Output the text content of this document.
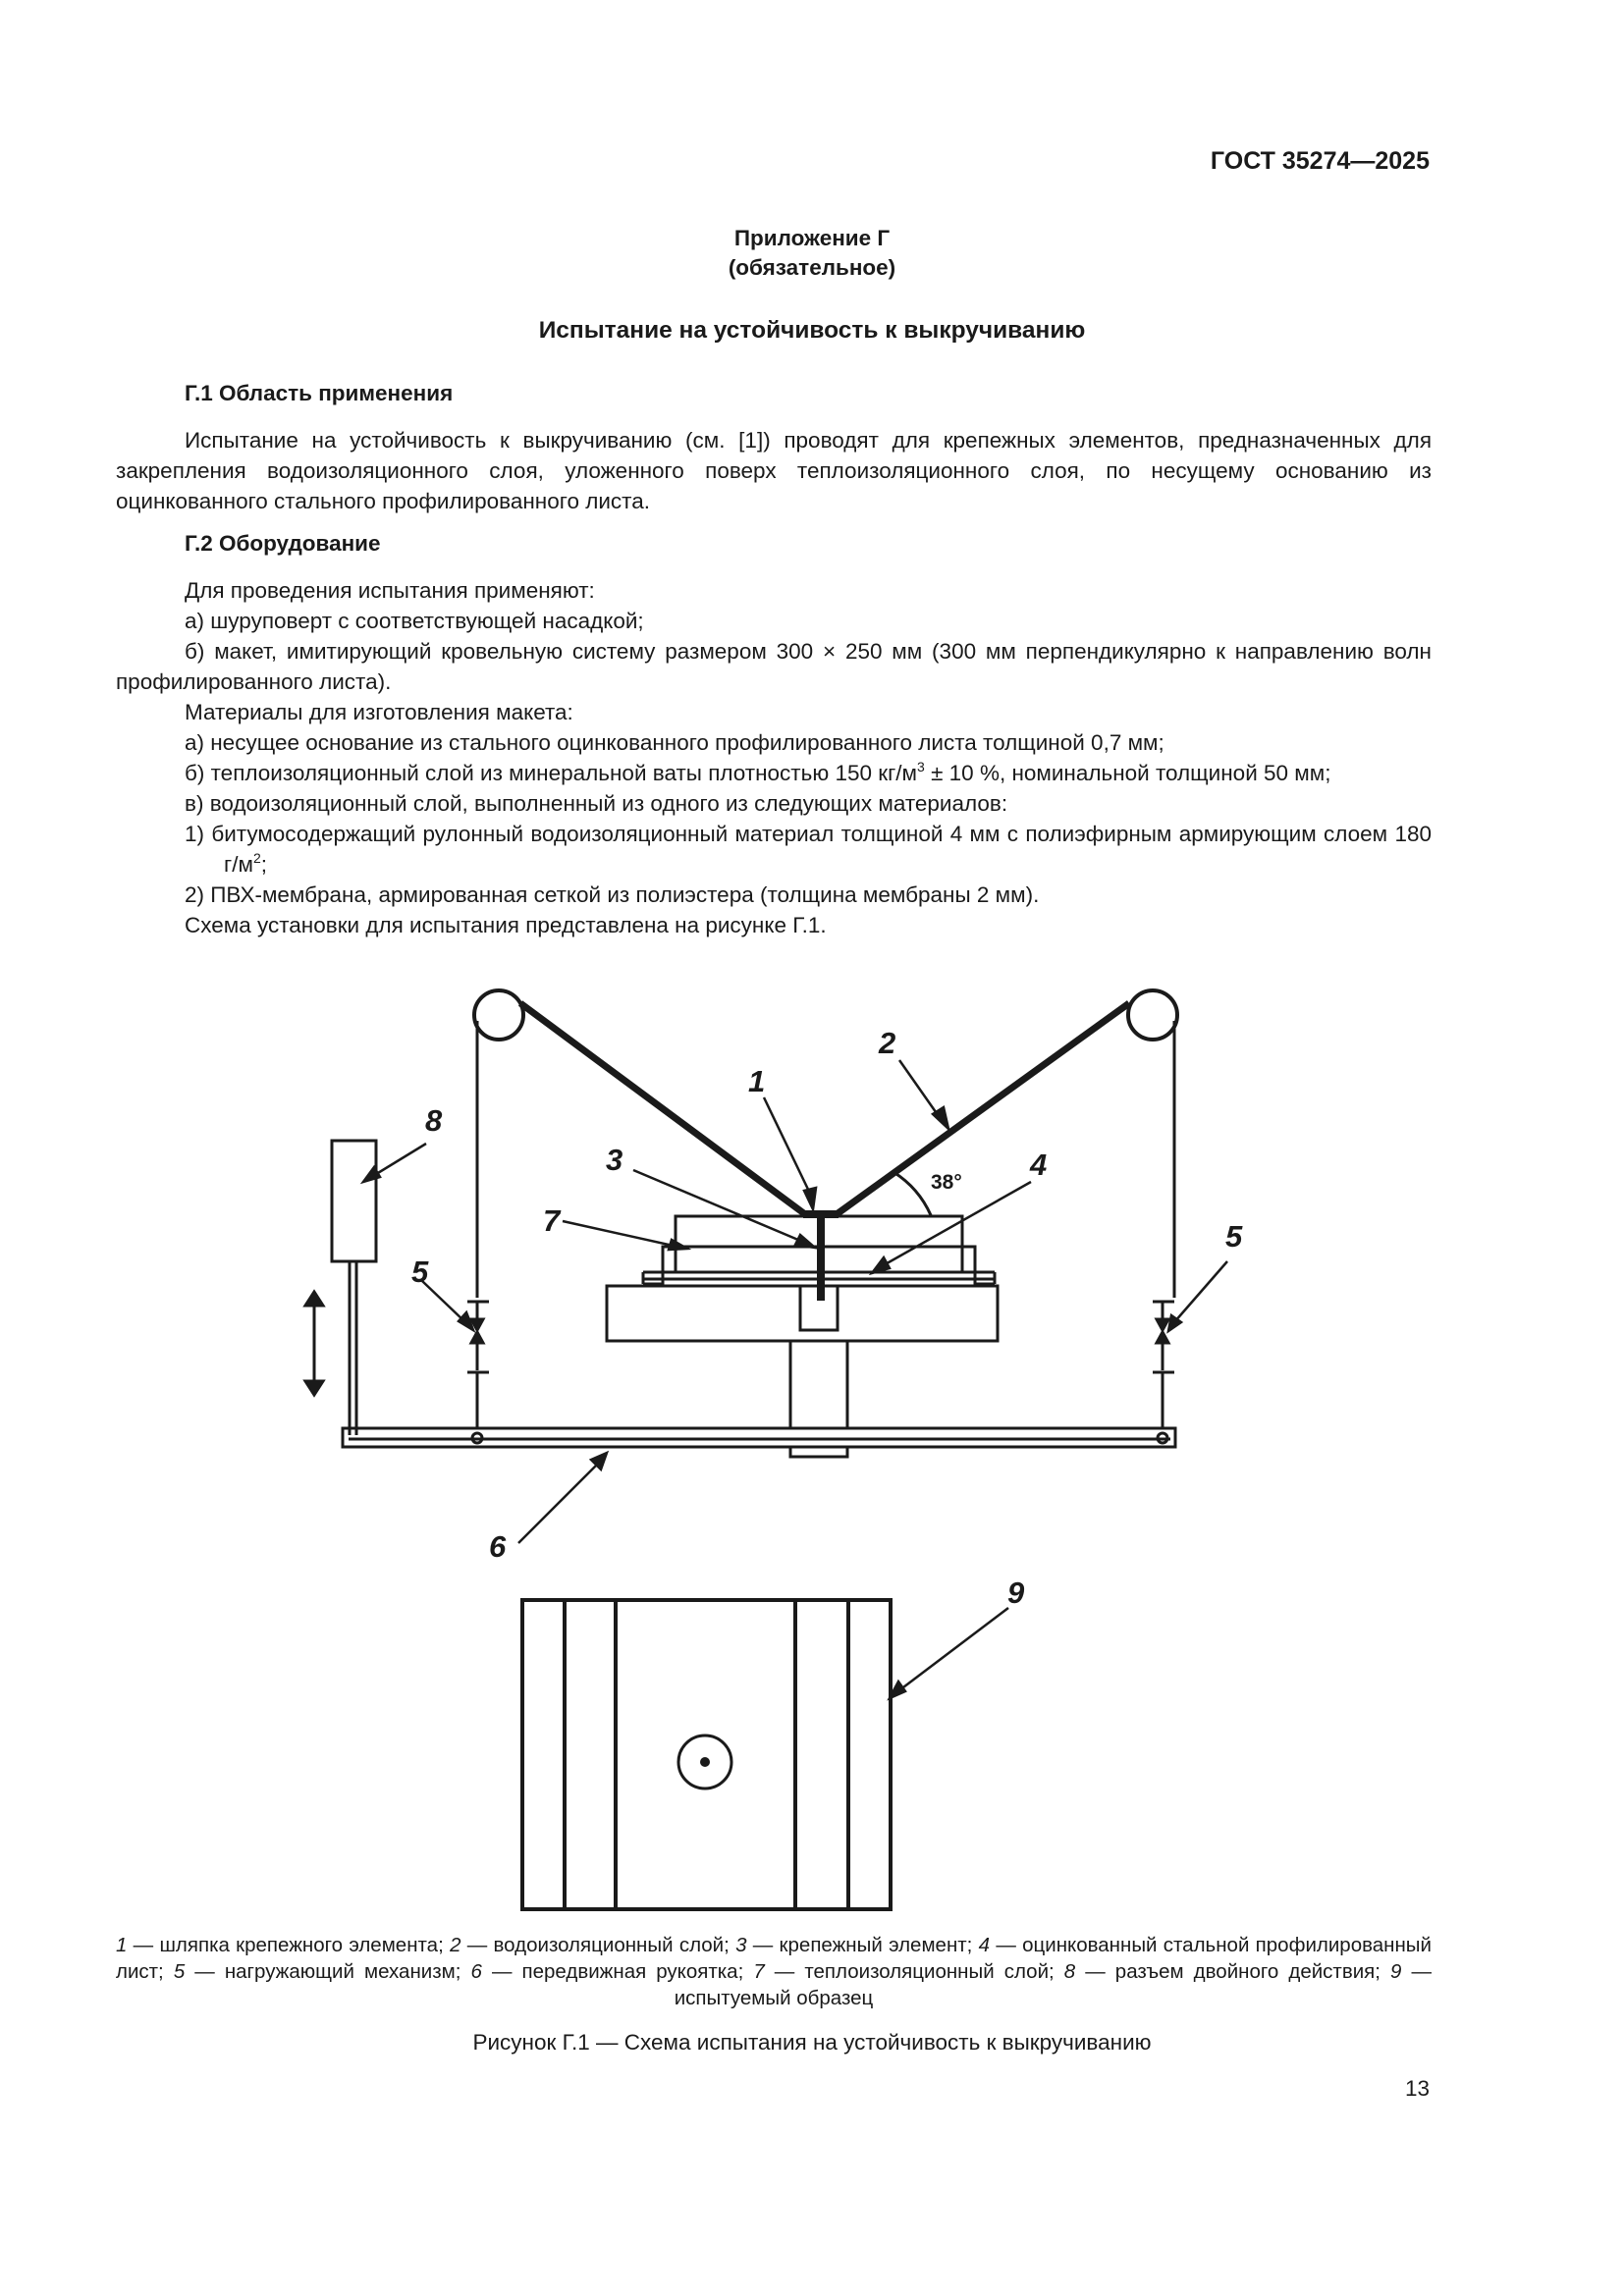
ГОСТ 35274—2025
Приложение Г
(обязательное)
Испытание на устойчивость к выкручиванию
Г.1 Область применения

Испытание на устойчивость к выкручиванию (см. [1]) проводят для крепежных элементов, предназначенных для закрепления водоизоляционного слоя, уложенного поверх теплоизоляционного слоя, по несущему основанию из оцинкованного стального профилированного листа.

Г.2 Оборудование

Для проведения испытания применяют:

а) шуруповерт с соответствующей насадкой;

б) макет, имитирующий кровельную систему размером 300 × 250 мм (300 мм перпендикулярно к направлению волн профилированного листа).

Материалы для изготовления макета:

а) несущее основание из стального оцинкованного профилированного листа толщиной 0,7 мм;

б) теплоизоляционный слой из минеральной ваты плотностью 150 $кг/м^3 \pm 10$ %, номинальной толщиной 50 мм;

в) водоизоляционный слой, выполненный из одного из следующих материалов:

1) битумосодержащий рулонный водоизоляционный материал толщиной 4 мм с полиэфирным армирующим слоем 180 $г/м^2$;

2) ПВХ-мембрана, армированная сеткой из полиэстера (толщина мембраны 2 мм).

Схема установки для испытания представлена на рисунке Г.1.

38°
1
2
3	4
5
5
6
7
8
9
1 — шляпка крепежного элемента; 2 — водоизоляционный слой; 3 — крепежный элемент; 4 — оцинкованный стальной профилированный лист; 5 — нагружающий механизм; 6 — передвижная рукоятка; 7 — теплоизоляционный слой; 8 — разъем двойного действия; 9 — испытуемый образец
Рисунок Г.1 — Схема испытания на устойчивость к выкручиванию
13
